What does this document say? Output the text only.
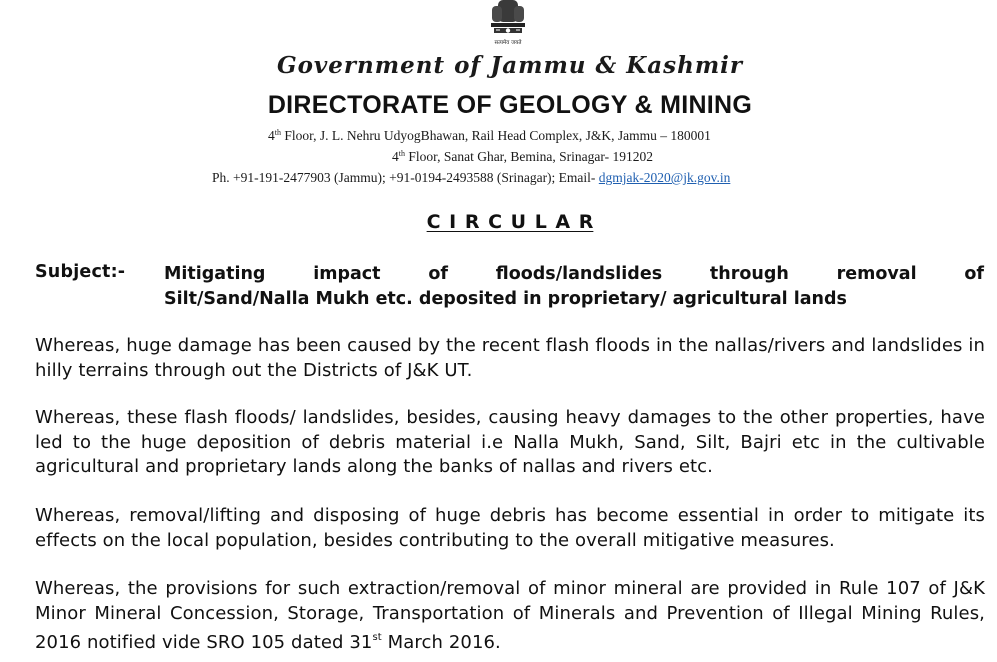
सत्यमेव जयते
Government of Jammu & Kashmir
DIRECTORATE OF GEOLOGY & MINING
4th Floor, J. L. Nehru UdyogBhawan, Rail Head Complex, J&K, Jammu – 180001
4th Floor, Sanat Ghar, Bemina, Srinagar- 191202
Ph. +91-191-2477903 (Jammu); +91-0194-2493588 (Srinagar); Email- dgmjak-2020@jk.gov.in
C I R C U L A R
Subject:- Mitigating impact of floods/landslides through removal of
Silt/Sand/Nalla Mukh etc. deposited in proprietary/ agricultural lands
Whereas, huge damage has been caused by the recent flash floods in the nallas/rivers and landslides in hilly terrains through out the Districts of J&K UT.
Whereas, these flash floods/ landslides, besides, causing heavy damages to the other properties, have led to the huge deposition of debris material i.e Nalla Mukh, Sand, Silt, Bajri etc in the cultivable agricultural and proprietary lands along the banks of nallas and rivers etc.
Whereas, removal/lifting and disposing of huge debris has become essential in order to mitigate its effects on the local population, besides contributing to the overall mitigative measures.
Whereas, the provisions for such extraction/removal of minor mineral are provided in Rule 107 of J&K Minor Mineral Concession, Storage, Transportation of Minerals and Prevention of Illegal Mining Rules, 2016 notified vide SRO 105 dated 31st March 2016.
